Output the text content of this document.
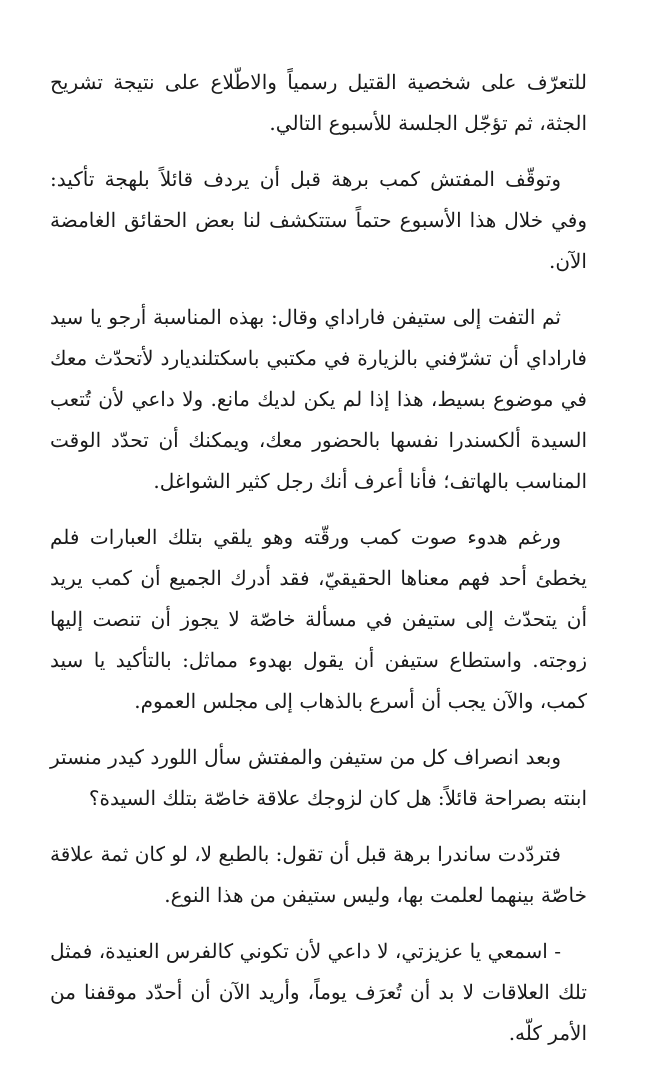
للتعرّف على شخصية القتيل رسمياً والاطّلاع على نتيجة تشريح الجثة، ثم تؤجّل الجلسة للأسبوع التالي.

وتوقّف المفتش كمب برهة قبل أن يردف قائلاً بلهجة تأكيد: وفي خلال هذا الأسبوع حتماً ستتكشف لنا بعض الحقائق الغامضة الآن.

ثم التفت إلى ستيفن فاراداي وقال: بهذه المناسبة أرجو يا سيد فاراداي أن تشرّفني بالزيارة في مكتبي باسكتلنديارد لأتحدّث معك في موضوع بسيط، هذا إذا لم يكن لديك مانع. ولا داعي لأن تُتعب السيدة ألكسندرا نفسها بالحضور معك، ويمكنك أن تحدّد الوقت المناسب بالهاتف؛ فأنا أعرف أنك رجل كثير الشواغل.

ورغم هدوء صوت كمب ورقّته وهو يلقي بتلك العبارات فلم يخطئ أحد فهم معناها الحقيقيّ، فقد أدرك الجميع أن كمب يريد أن يتحدّث إلى ستيفن في مسألة خاصّة لا يجوز أن تنصت إليها زوجته. واستطاع ستيفن أن يقول بهدوء مماثل: بالتأكيد يا سيد كمب، والآن يجب أن أسرع بالذهاب إلى مجلس العموم.

وبعد انصراف كل من ستيفن والمفتش سأل اللورد كيدر منستر ابنته بصراحة قائلاً: هل كان لزوجك علاقة خاصّة بتلك السيدة؟

فتردّدت ساندرا برهة قبل أن تقول: بالطبع لا، لو كان ثمة علاقة خاصّة بينهما لعلمت بها، وليس ستيفن من هذا النوع.

- اسمعي يا عزيزتي، لا داعي لأن تكوني كالفرس العنيدة، فمثل تلك العلاقات لا بد أن تُعرَف يوماً، وأريد الآن أن أحدّد موقفنا من الأمر كلّه.
